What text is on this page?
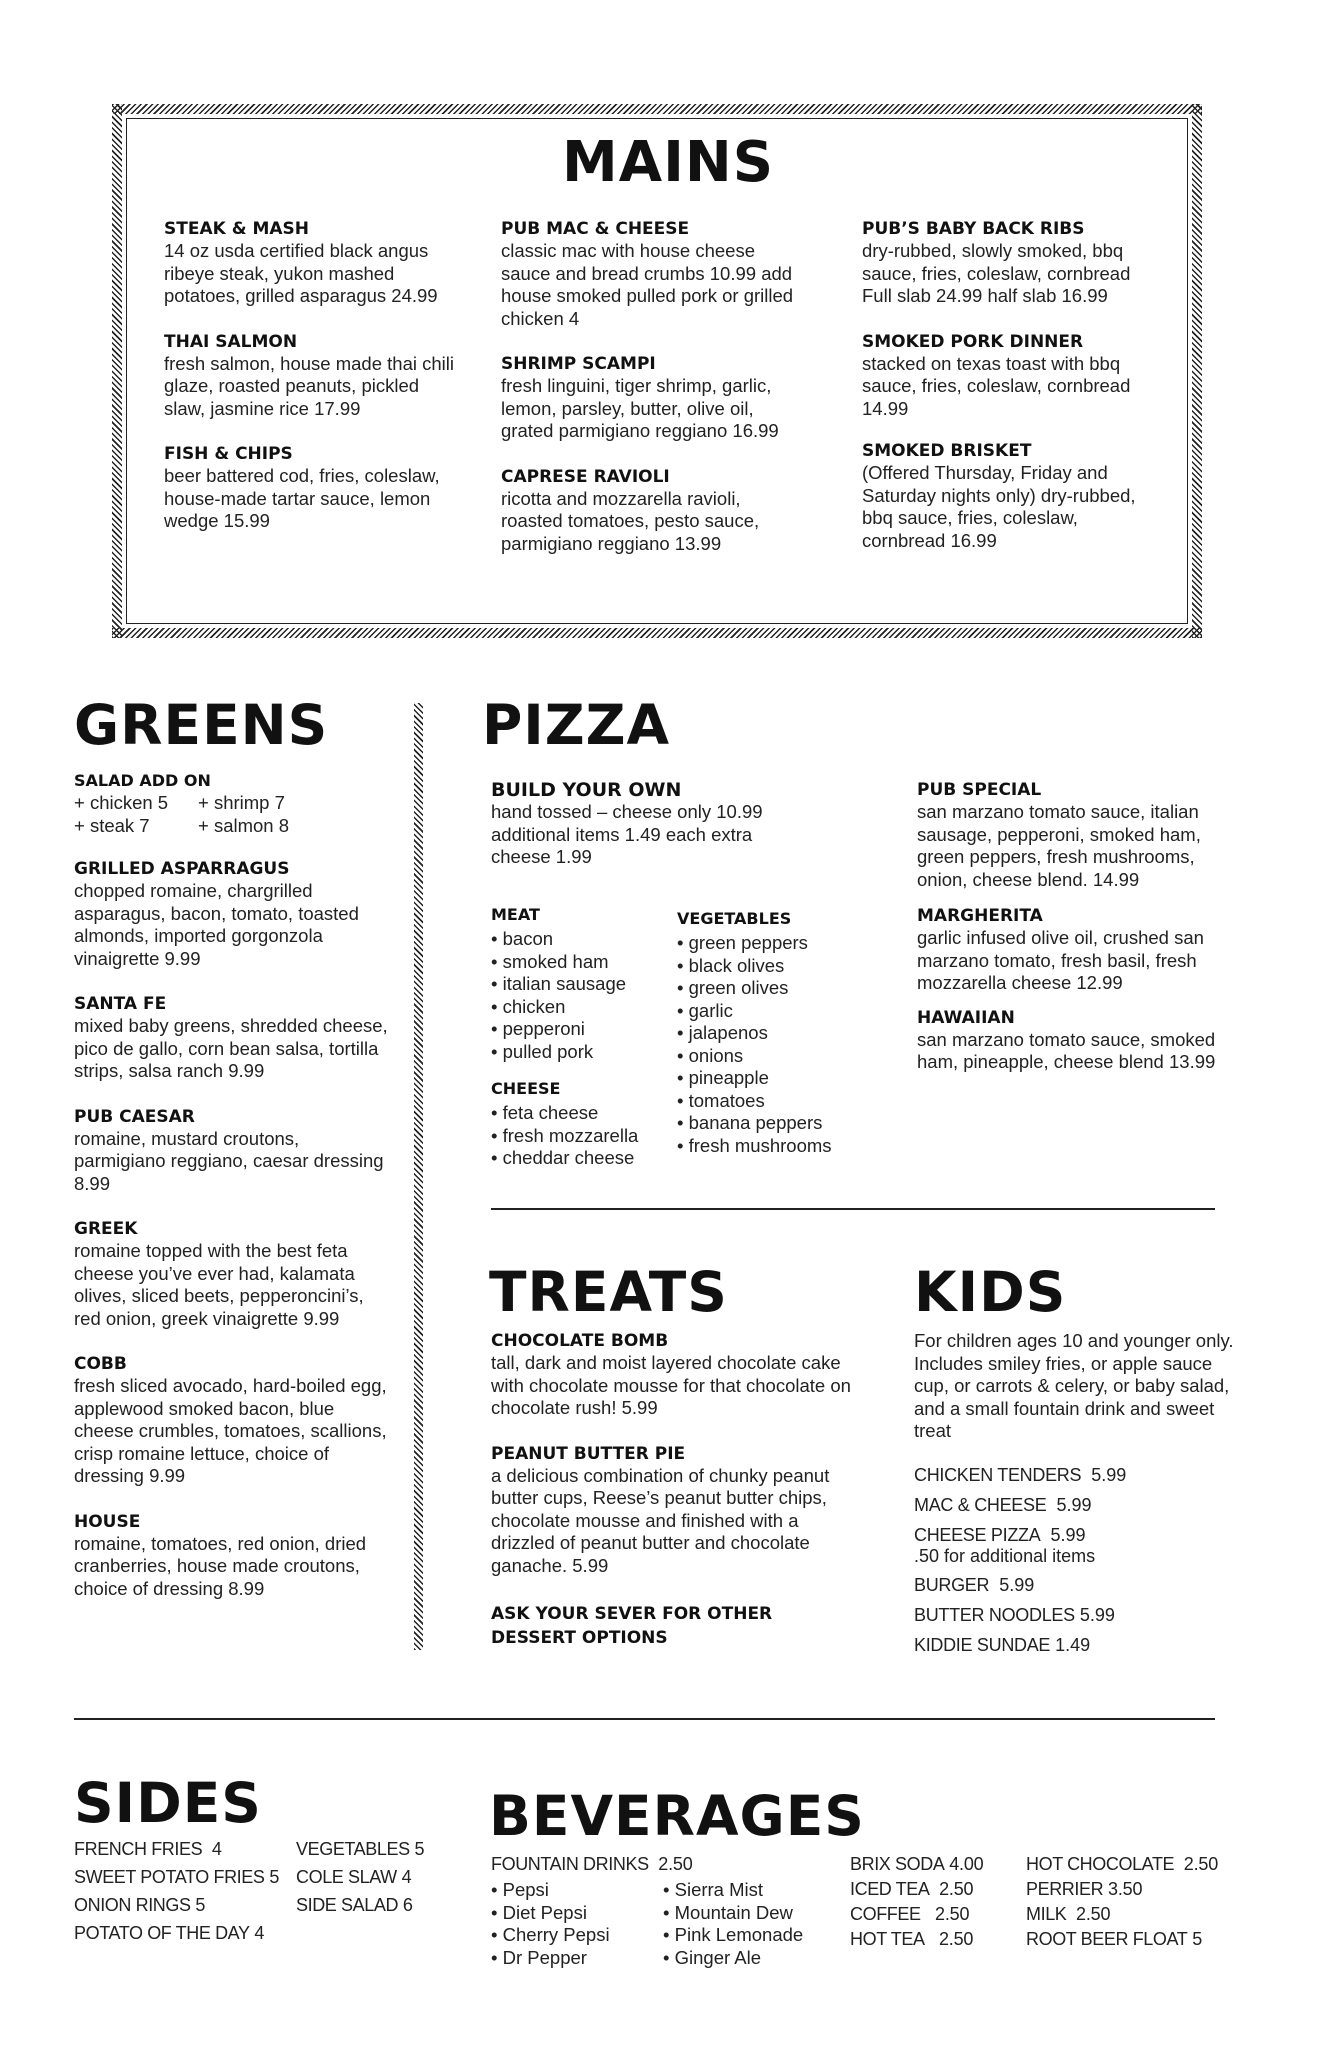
MAINS
STEAK & MASH
14 oz usda certified black angus ribeye steak, yukon mashed potatoes, grilled asparagus 24.99
THAI SALMON
fresh salmon, house made thai chili glaze, roasted peanuts, pickled slaw, jasmine rice 17.99
FISH & CHIPS
beer battered cod, fries, coleslaw, house-made tartar sauce, lemon wedge 15.99
PUB MAC & CHEESE
classic mac with house cheese sauce and bread crumbs 10.99 add house smoked pulled pork or grilled chicken 4
SHRIMP SCAMPI
fresh linguini, tiger shrimp, garlic, lemon, parsley, butter, olive oil, grated parmigiano reggiano 16.99
CAPRESE RAVIOLI
ricotta and mozzarella ravioli, roasted tomatoes, pesto sauce, parmigiano reggiano 13.99
PUB’S BABY BACK RIBS
dry-rubbed, slowly smoked, bbq sauce, fries, coleslaw, cornbread Full slab 24.99 half slab 16.99
SMOKED PORK DINNER
stacked on texas toast with bbq sauce, fries, coleslaw, cornbread 14.99
SMOKED BRISKET
(Offered Thursday, Friday and Saturday nights only) dry-rubbed, bbq sauce, fries, coleslaw, cornbread 16.99
GREENS
SALAD ADD ON
+ chicken 5 + shrimp 7
+ steak 7	+ salmon 8
GRILLED ASPARRAGUS
chopped romaine, chargrilled asparagus, bacon, tomato, toasted almonds, imported gorgonzola vinaigrette 9.99
SANTA FE
mixed baby greens, shredded cheese, pico de gallo, corn bean salsa, tortilla strips, salsa ranch 9.99
PUB CAESAR
romaine, mustard croutons, parmigiano reggiano, caesar dressing 8.99
GREEK
romaine topped with the best feta cheese you’ve ever had, kalamata olives, sliced beets, pepperoncini’s, red onion, greek vinaigrette 9.99
COBB
fresh sliced avocado, hard-boiled egg, applewood smoked bacon, blue cheese crumbles, tomatoes, scallions, crisp romaine lettuce, choice of dressing 9.99
HOUSE
romaine, tomatoes, red onion, dried cranberries, house made croutons, choice of dressing 8.99
PIZZA
BUILD YOUR OWN
hand tossed – cheese only 10.99 additional items 1.49 each extra cheese 1.99
MEAT
• bacon
• smoked ham
• italian sausage
• chicken
• pepperoni
• pulled pork
CHEESE
• feta cheese
• fresh mozzarella
• cheddar cheese
VEGETABLES
• green peppers
• black olives
• green olives
• garlic
• jalapenos
• onions
• pineapple
• tomatoes
• banana peppers
• fresh mushrooms
PUB SPECIAL
san marzano tomato sauce, italian sausage, pepperoni, smoked ham, green peppers, fresh mushrooms, onion, cheese blend. 14.99
MARGHERITA
garlic infused olive oil, crushed san marzano tomato, fresh basil, fresh mozzarella cheese 12.99
HAWAIIAN
san marzano tomato sauce, smoked ham, pineapple, cheese blend 13.99
TREATS
CHOCOLATE BOMB
tall, dark and moist layered chocolate cake with chocolate mousse for that chocolate on chocolate rush! 5.99
PEANUT BUTTER PIE
a delicious combination of chunky peanut butter cups, Reese’s peanut butter chips, chocolate mousse and finished with a drizzled of peanut butter and chocolate ganache. 5.99
ASK YOUR SEVER FOR OTHER DESSERT OPTIONS
KIDS
For children ages 10 and younger only. Includes smiley fries, or apple sauce cup, or carrots & celery, or baby salad, and a small fountain drink and sweet treat
CHICKEN TENDERS 5.99
MAC & CHEESE 5.99
CHEESE PIZZA 5.99
.50 for additional items
BURGER 5.99
BUTTER NOODLES 5.99
KIDDIE SUNDAE 1.49
SIDES
FRENCH FRIES 4
SWEET POTATO FRIES 5
ONION RINGS 5
POTATO OF THE DAY 4
VEGETABLES 5
COLE SLAW 4
SIDE SALAD 6
BEVERAGES
FOUNTAIN DRINKS 2.50
• Pepsi
• Diet Pepsi
• Cherry Pepsi
• Dr Pepper
• Sierra Mist
• Mountain Dew
• Pink Lemonade
• Ginger Ale
BRIX SODA 4.00
ICED TEA 2.50
COFFEE 2.50
HOT TEA 2.50
HOT CHOCOLATE 2.50
PERRIER 3.50
MILK 2.50
ROOT BEER FLOAT 5
